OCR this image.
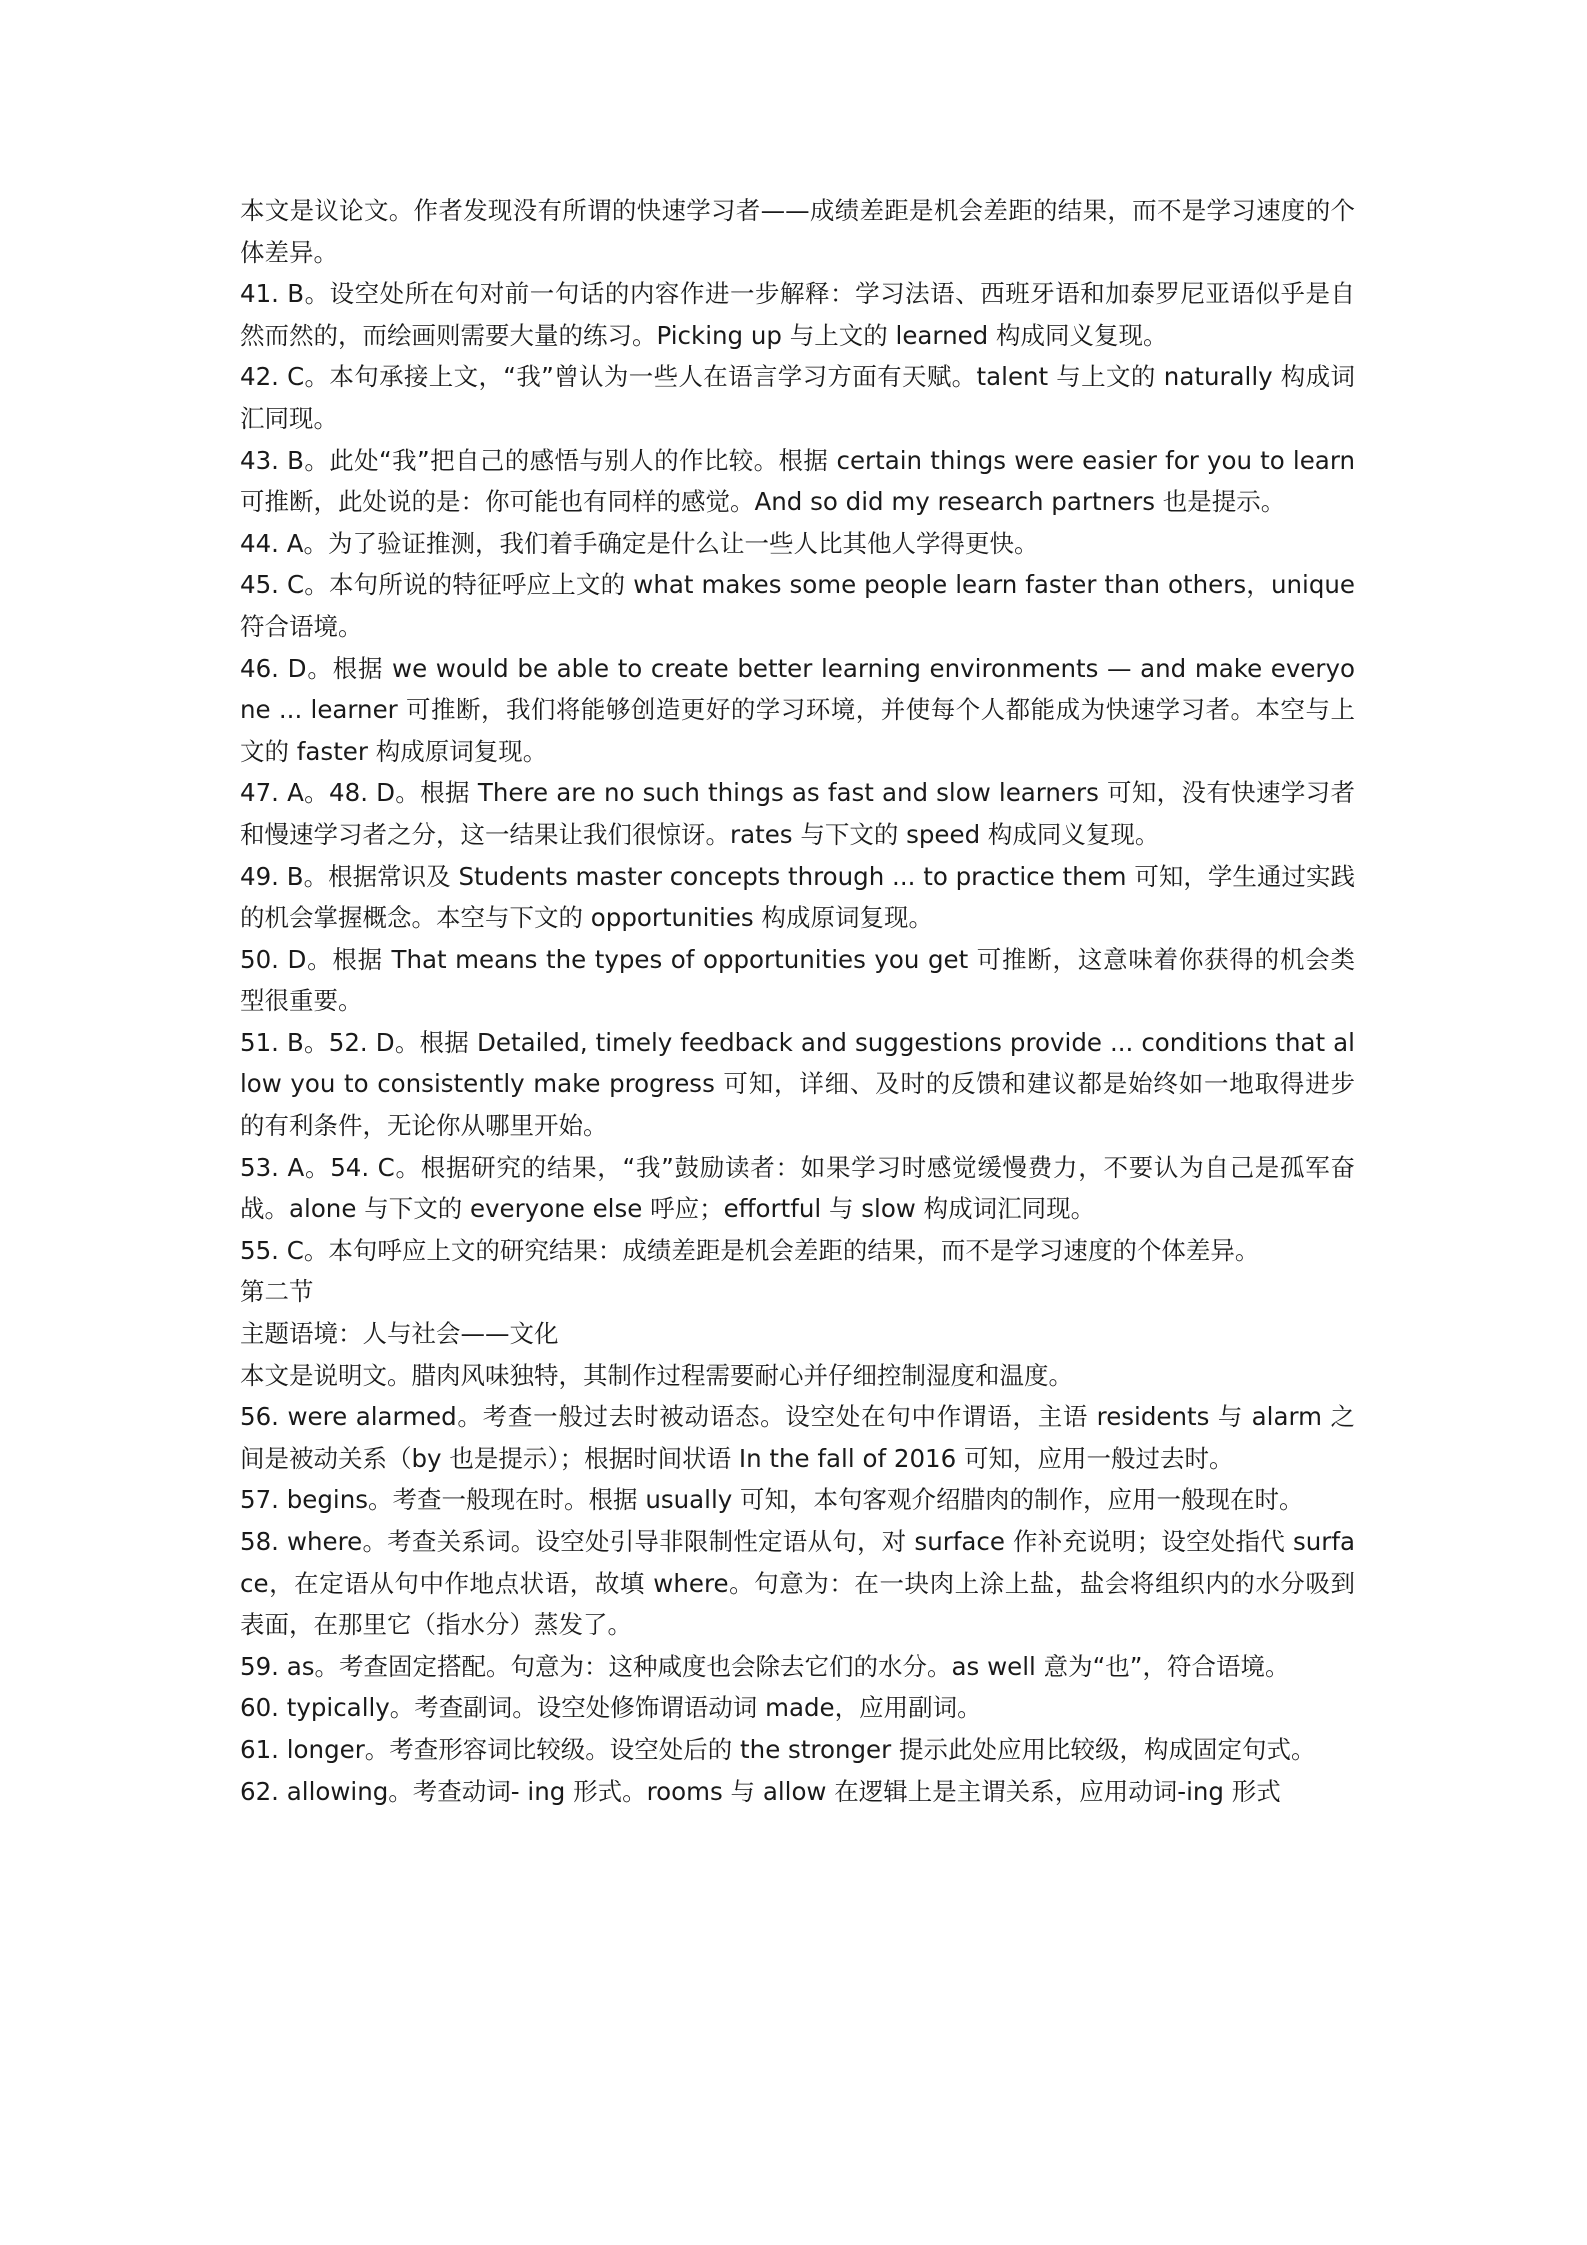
本文是议论文。作者发现没有所谓的快速学习者——成绩差距是机会差距的结果，而不是学习速度的个体差异。

41. B。设空处所在句对前一句话的内容作进一步解释：学习法语、西班牙语和加泰罗尼亚语似乎是自然而然的，而绘画则需要大量的练习。Picking up 与上文的 learned 构成同义复现。

42. C。本句承接上文，“我”曾认为一些人在语言学习方面有天赋。talent 与上文的 naturally 构成词汇同现。

43. B。此处“我”把自己的感悟与别人的作比较。根据 certain things were easier for you to learn 可推断，此处说的是：你可能也有同样的感觉。And so did my research partners 也是提示。

44. A。为了验证推测，我们着手确定是什么让一些人比其他人学得更快。

45. C。本句所说的特征呼应上文的 what makes some people learn faster than others，unique 符合语境。

46. D。根据 we would be able to create better learning environments — and make everyone ... learner 可推断，我们将能够创造更好的学习环境，并使每个人都能成为快速学习者。本空与上文的 faster 构成原词复现。

47. A。48. D。根据 There are no such things as fast and slow learners 可知，没有快速学习者和慢速学习者之分，这一结果让我们很惊讶。rates 与下文的 speed 构成同义复现。

49. B。根据常识及 Students master concepts through ... to practice them 可知，学生通过实践的机会掌握概念。本空与下文的 opportunities 构成原词复现。

50. D。根据 That means the types of opportunities you get 可推断，这意味着你获得的机会类型很重要。

51. B。52. D。根据 Detailed, timely feedback and suggestions provide ... conditions that allow you to consistently make progress 可知，详细、及时的反馈和建议都是始终如一地取得进步的有利条件，无论你从哪里开始。

53. A。54. C。根据研究的结果，“我”鼓励读者：如果学习时感觉缓慢费力，不要认为自己是孤军奋战。alone 与下文的 everyone else 呼应；effortful 与 slow 构成词汇同现。

55. C。本句呼应上文的研究结果：成绩差距是机会差距的结果，而不是学习速度的个体差异。

第二节

主题语境：人与社会——文化

本文是说明文。腊肉风味独特，其制作过程需要耐心并仔细控制湿度和温度。

56. were alarmed。考查一般过去时被动语态。设空处在句中作谓语，主语 residents 与 alarm 之间是被动关系（by 也是提示）；根据时间状语 In the fall of 2016 可知，应用一般过去时。

57. begins。考查一般现在时。根据 usually 可知，本句客观介绍腊肉的制作，应用一般现在时。

58. where。考查关系词。设空处引导非限制性定语从句，对 surface 作补充说明；设空处指代 surface，在定语从句中作地点状语，故填 where。句意为：在一块肉上涂上盐，盐会将组织内的水分吸到表面，在那里它（指水分）蒸发了。

59. as。考查固定搭配。句意为：这种咸度也会除去它们的水分。as well 意为“也”，符合语境。

60. typically。考查副词。设空处修饰谓语动词 made，应用副词。

61. longer。考查形容词比较级。设空处后的 the stronger 提示此处应用比较级，构成固定句式。

62. allowing。考查动词- ing 形式。rooms 与 allow 在逻辑上是主谓关系，应用动词-ing 形式
